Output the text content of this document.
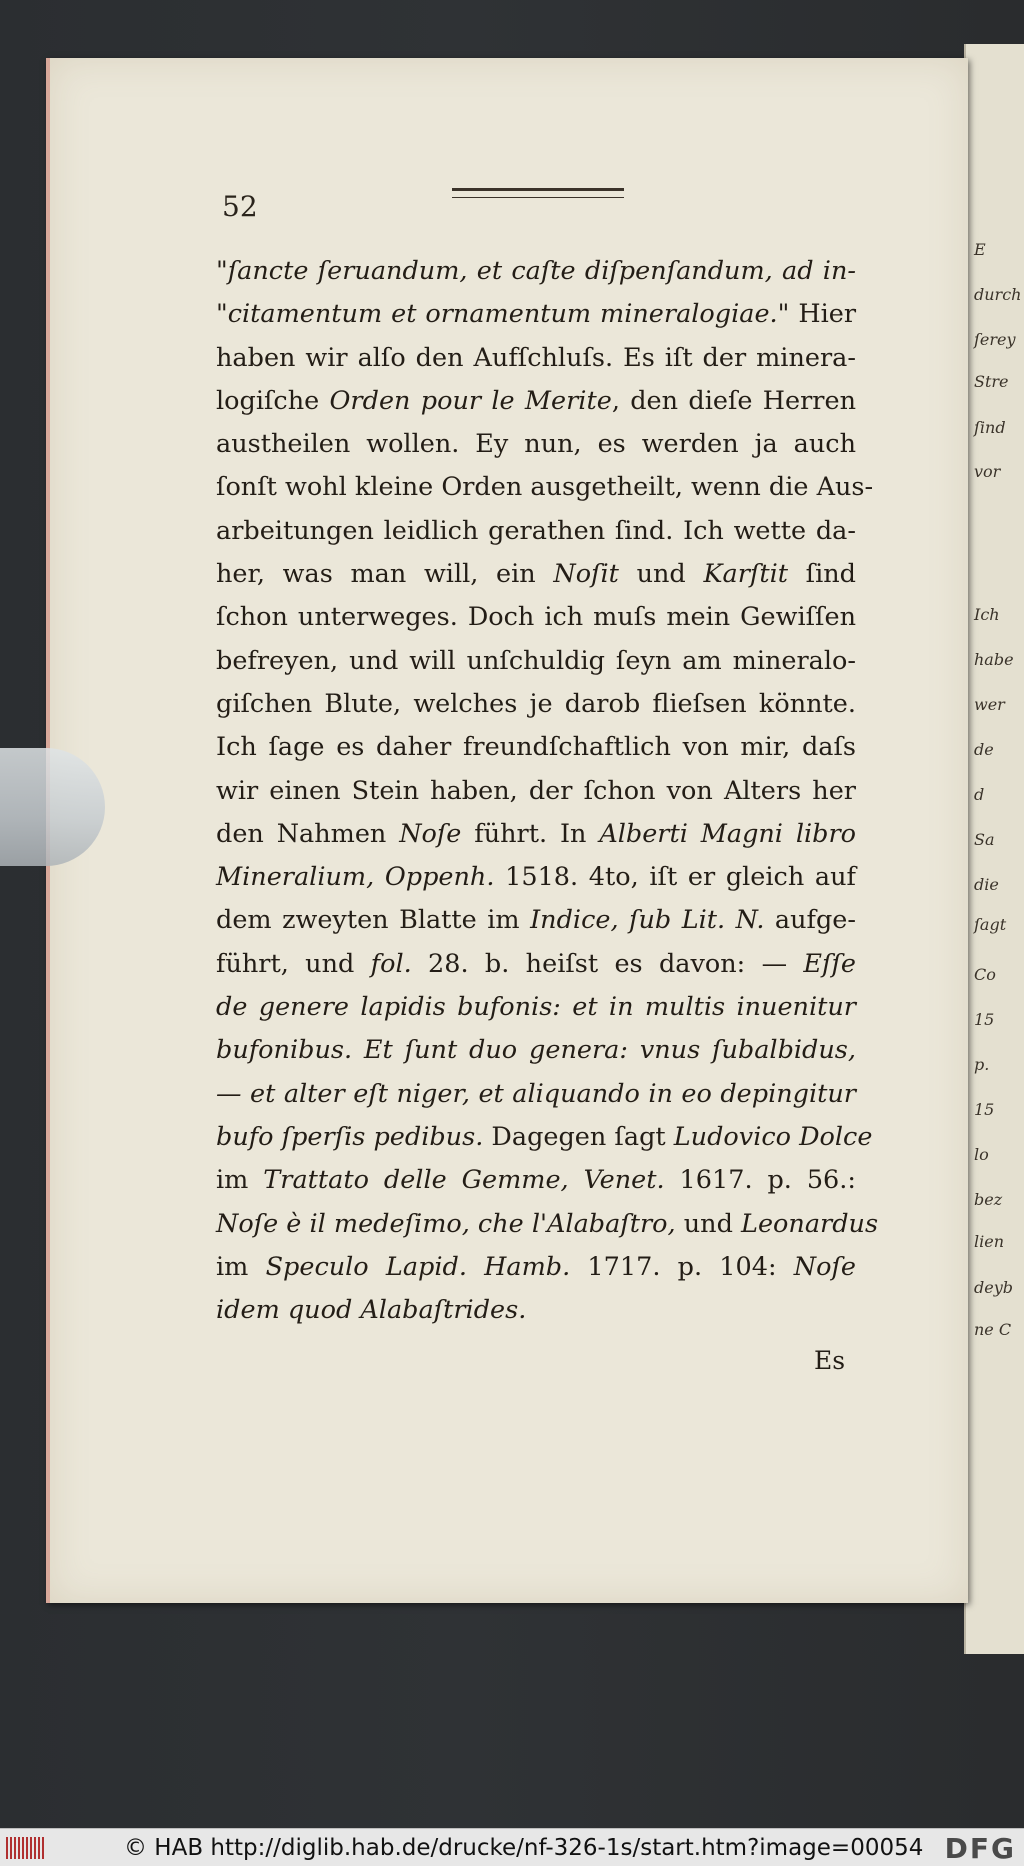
E
durch
ſerey
Stre
ſind
vor
Ich
habe
wer
de
d
Sa
die
ſagt
Co
15
p.
15
lo
bez
lien
deyb
ne C
52
"ſancte ſeruandum, et caſte diſpenſandum, ad in-
"citamentum et ornamentum mineralogiae." Hier
haben wir alſo den Aufſchluſs. Es iſt der minera-
logiſche Orden pour le Merite, den dieſe Herren
austheilen wollen. Ey nun, es werden ja auch
ſonſt wohl kleine Orden ausgetheilt, wenn die Aus-
arbeitungen leidlich gerathen ſind. Ich wette da-
her, was man will, ein Noſit und Karſtit ſind
ſchon unterweges. Doch ich muſs mein Gewiſſen
befreyen, und will unſchuldig ſeyn am mineralo-
giſchen Blute, welches je darob flieſsen könnte.
Ich ſage es daher freundſchaftlich von mir, daſs
wir einen Stein haben, der ſchon von Alters her
den Nahmen Noſe führt. In Alberti Magni libro
Mineralium, Oppenh. 1518. 4to, iſt er gleich auf
dem zweyten Blatte im Indice, ſub Lit. N. aufge-
führt, und fol. 28. b. heiſst es davon: — Eſſe
de genere lapidis bufonis: et in multis inuenitur
bufonibus. Et ſunt duo genera: vnus ſubalbidus,
— et alter eſt niger, et aliquando in eo depingitur
bufo ſperſis pedibus. Dagegen ſagt Ludovico Dolce
im Trattato delle Gemme, Venet. 1617. p. 56.:
Noſe è il medeſimo, che l'Alabaſtro, und Leonardus
im Speculo Lapid. Hamb. 1717. p. 104: Noſe
idem quod Alabaſtrides.
Es
© HAB http://diglib.hab.de/drucke/nf-326-1s/start.htm?image=00054 DFG
